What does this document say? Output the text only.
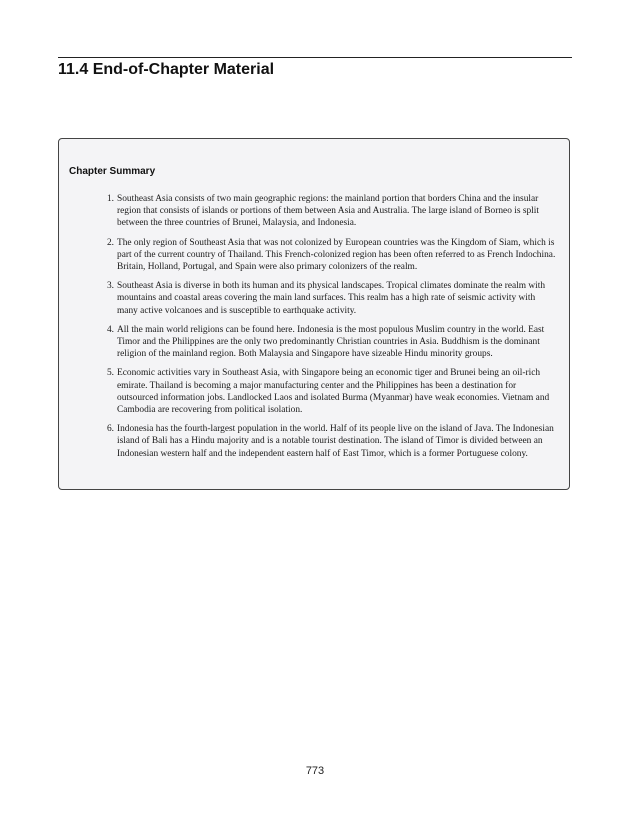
11.4 End-of-Chapter Material
Chapter Summary
1. Southeast Asia consists of two main geographic regions: the mainland portion that borders China and the insular region that consists of islands or portions of them between Asia and Australia. The large island of Borneo is split between the three countries of Brunei, Malaysia, and Indonesia.
2. The only region of Southeast Asia that was not colonized by European countries was the Kingdom of Siam, which is part of the current country of Thailand. This French-colonized region has been often referred to as French Indochina. Britain, Holland, Portugal, and Spain were also primary colonizers of the realm.
3. Southeast Asia is diverse in both its human and its physical landscapes. Tropical climates dominate the realm with mountains and coastal areas covering the main land surfaces. This realm has a high rate of seismic activity with many active volcanoes and is susceptible to earthquake activity.
4. All the main world religions can be found here. Indonesia is the most populous Muslim country in the world. East Timor and the Philippines are the only two predominantly Christian countries in Asia. Buddhism is the dominant religion of the mainland region. Both Malaysia and Singapore have sizeable Hindu minority groups.
5. Economic activities vary in Southeast Asia, with Singapore being an economic tiger and Brunei being an oil-rich emirate. Thailand is becoming a major manufacturing center and the Philippines has been a destination for outsourced information jobs. Landlocked Laos and isolated Burma (Myanmar) have weak economies. Vietnam and Cambodia are recovering from political isolation.
6. Indonesia has the fourth-largest population in the world. Half of its people live on the island of Java. The Indonesian island of Bali has a Hindu majority and is a notable tourist destination. The island of Timor is divided between an Indonesian western half and the independent eastern half of East Timor, which is a former Portuguese colony.
773
